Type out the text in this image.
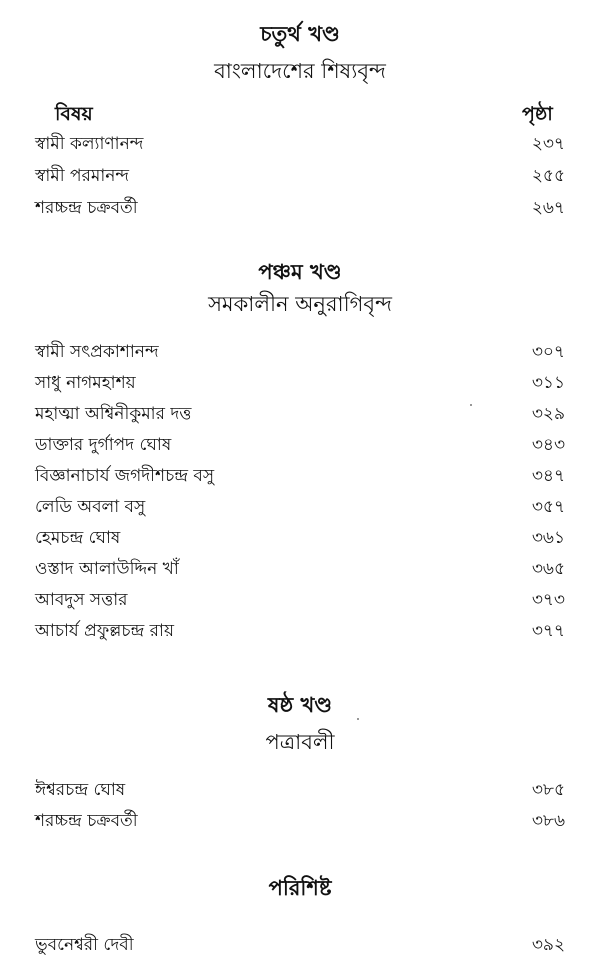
চতুর্থ খণ্ড
বাংলাদেশের শিষ্যবৃন্দ
বিষয়	পৃষ্ঠা
স্বামী কল্যাণানন্দ	২৩৭
স্বামী পরমানন্দ	২৫৫
শরচ্চন্দ্র চক্রবর্তী	২৬৭
পঞ্চম খণ্ড
সমকালীন অনুরাগিবৃন্দ
স্বামী সৎপ্রকাশানন্দ	৩০৭
সাধু নাগমহাশয়	৩১১
মহাত্মা অশ্বিনীকুমার দত্ত	৩২৯
ডাক্তার দুর্গাপদ ঘোষ	৩৪৩
বিজ্ঞানাচার্য জগদীশচন্দ্র বসু	৩৪৭
লেডি অবলা বসু	৩৫৭
হেমচন্দ্র ঘোষ	৩৬১
ওস্তাদ আলাউদ্দিন খাঁ	৩৬৫
আবদুস সত্তার	৩৭৩
আচার্য প্রফুল্লচন্দ্র রায়	৩৭৭
ষষ্ঠ খণ্ড
পত্রাবলী
ঈশ্বরচন্দ্র ঘোষ	৩৮৫
শরচ্চন্দ্র চক্রবর্তী	৩৮৬
পরিশিষ্ট
ভুবনেশ্বরী দেবী	৩৯২
